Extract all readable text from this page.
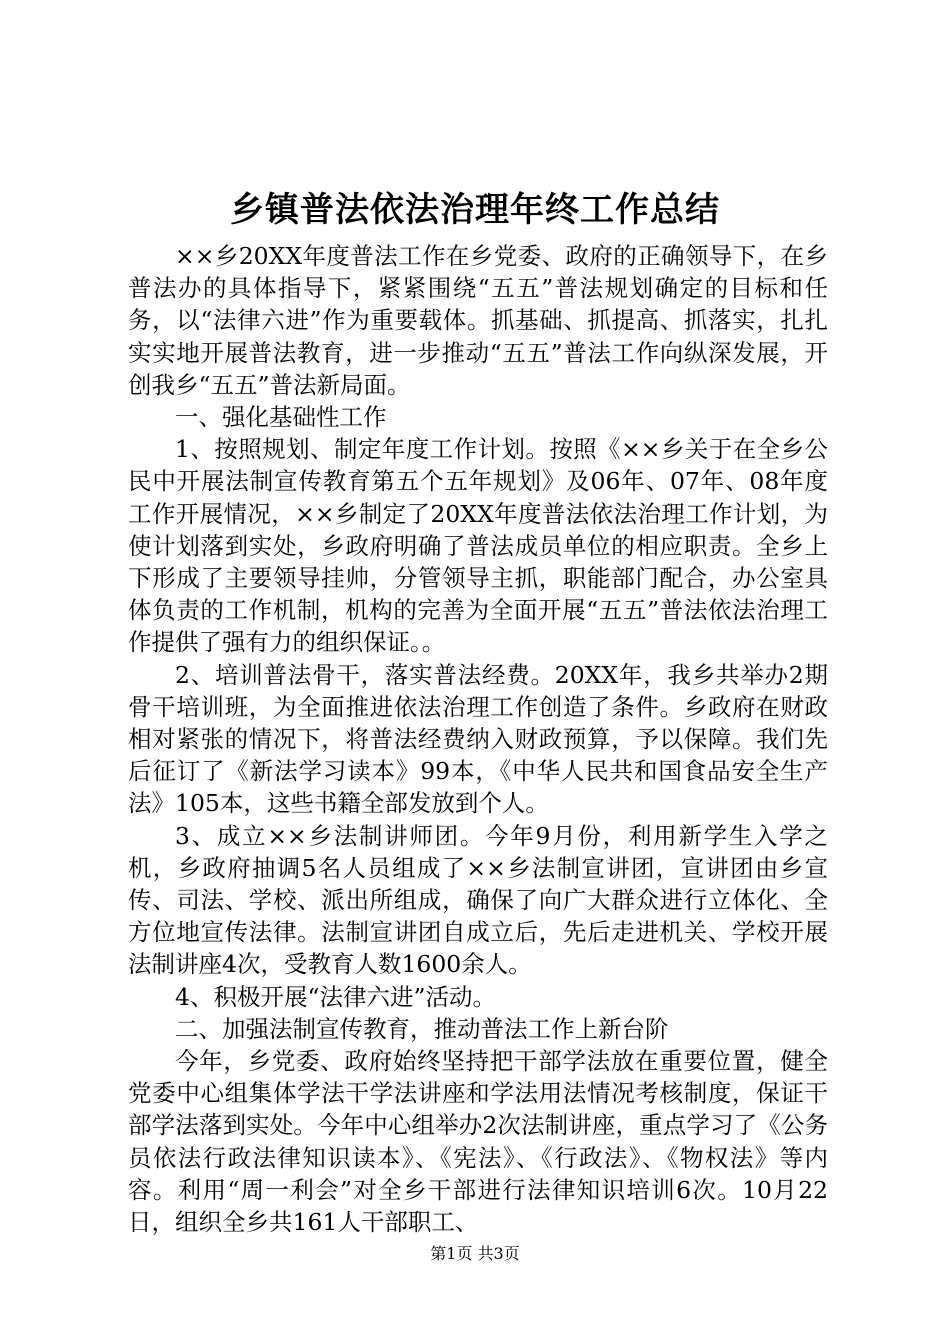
乡镇普法依法治理年终工作总结

××乡20XX年度普法工作在乡党委、政府的正确领导下，在乡普法办的具体指导下，紧紧围绕“五五”普法规划确定的目标和任务，以“法律六进”作为重要载体。抓基础、抓提高、抓落实，扎扎实实地开展普法教育，进一步推动“五五”普法工作向纵深发展，开创我乡“五五”普法新局面。

一、强化基础性工作

1、按照规划、制定年度工作计划。按照《××乡关于在全乡公民中开展法制宣传教育第五个五年规划》及06年、07年、08年度工作开展情况，××乡制定了20XX年度普法依法治理工作计划，为使计划落到实处，乡政府明确了普法成员单位的相应职责。全乡上下形成了主要领导挂帅，分管领导主抓，职能部门配合，办公室具体负责的工作机制，机构的完善为全面开展“五五”普法依法治理工作提供了强有力的组织保证。。

2、培训普法骨干，落实普法经费。20XX年，我乡共举办2期骨干培训班，为全面推进依法治理工作创造了条件。乡政府在财政相对紧张的情况下，将普法经费纳入财政预算，予以保障。我们先后征订了《新法学习读本》99本，《中华人民共和国食品安全生产法》105本，这些书籍全部发放到个人。

3、成立××乡法制讲师团。今年9月份，利用新学生入学之机，乡政府抽调5名人员组成了××乡法制宣讲团，宣讲团由乡宣传、司法、学校、派出所组成，确保了向广大群众进行立体化、全方位地宣传法律。法制宣讲团自成立后，先后走进机关、学校开展法制讲座4次，受教育人数1600余人。

4、积极开展“法律六进”活动。

二、加强法制宣传教育，推动普法工作上新台阶

今年，乡党委、政府始终坚持把干部学法放在重要位置，健全党委中心组集体学法干学法讲座和学法用法情况考核制度，保证干部学法落到实处。今年中心组举办2次法制讲座，重点学习了《公务员依法行政法律知识读本》、《宪法》、《行政法》、《物权法》等内容。利用“周一利会”对全乡干部进行法律知识培训6次。10月22日，组织全乡共161人干部职工、

第1页 共3页
